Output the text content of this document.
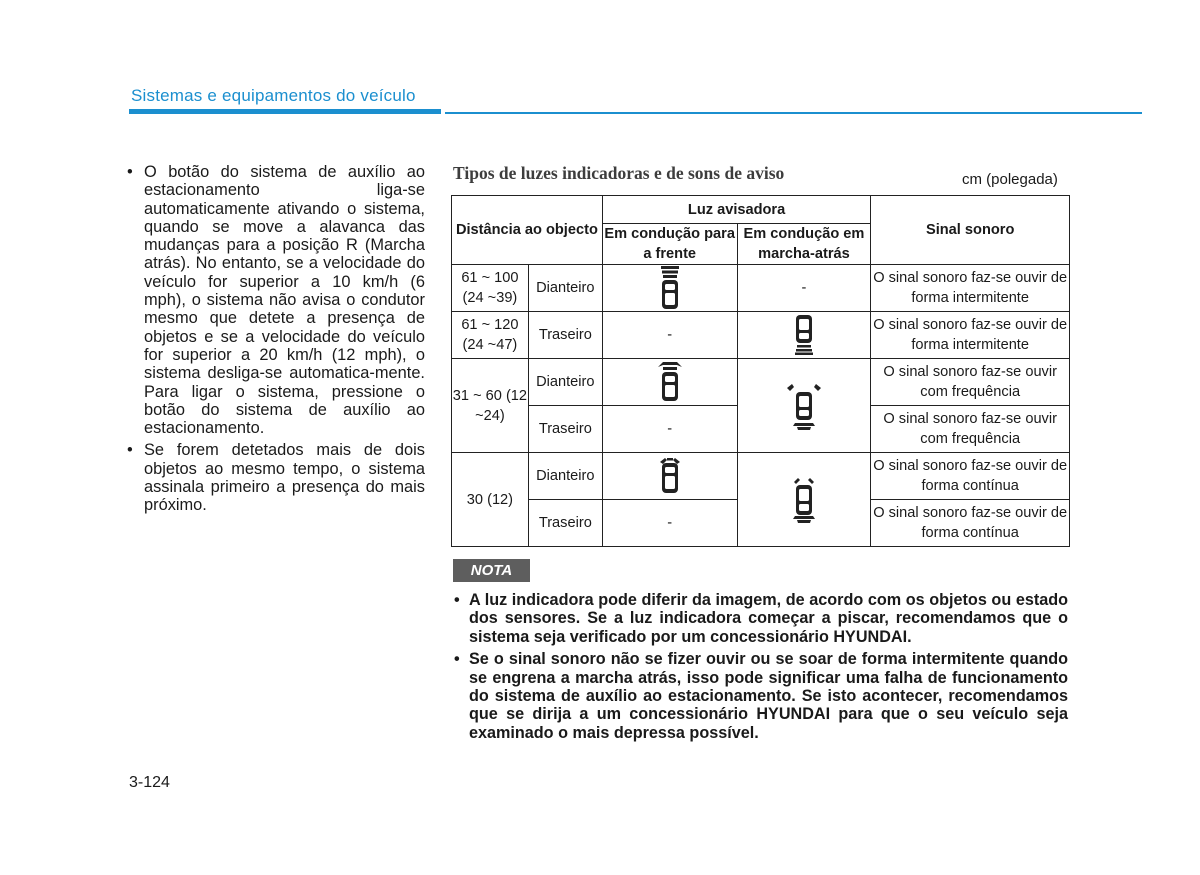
Sistemas e equipamentos do veículo
• O botão do sistema de auxílio ao estacionamento liga-se automaticamente ativando o sistema, quando se move a alavanca das mudanças para a posição R (Marcha atrás). No entanto, se a velocidade do veículo for superior a 10 km/h (6 mph), o sistema não avisa o condutor mesmo que detete a presença de objetos e se a velocidade do veículo for superior a 20 km/h (12 mph), o sistema desliga-se automatica-mente. Para ligar o sistema, pressione o botão do sistema de auxílio ao estacionamento.
• Se forem detetados mais de dois objetos ao mesmo tempo, o sistema assinala primeiro a presença do mais próximo.
Tipos de luzes indicadoras e de sons de aviso	cm (polegada)
Distância ao objecto		Luz avisadora		Sinal sonoro
		Em condução para a frente	Em condução em marcha-atrás	
61 ~ 100 (24 ~39)	Dianteiro		-	O sinal sonoro faz-se ouvir de forma intermitente
61 ~ 120 (24 ~47)	Traseiro	-		O sinal sonoro faz-se ouvir de forma intermitente
31 ~ 60 (12 ~24)	Dianteiro			O sinal sonoro faz-se ouvir com frequência
	Traseiro	-		O sinal sonoro faz-se ouvir com frequência
30 (12)	Dianteiro			O sinal sonoro faz-se ouvir de forma contínua
	Traseiro	-		O sinal sonoro faz-se ouvir de forma contínua
NOTA
• A luz indicadora pode diferir da imagem, de acordo com os objetos ou estado dos sensores. Se a luz indicadora começar a piscar, recomendamos que o sistema seja verificado por um concessionário HYUNDAI.
• Se o sinal sonoro não se fizer ouvir ou se soar de forma intermitente quando se engrena a marcha atrás, isso pode significar uma falha de funcionamento do sistema de auxílio ao estacionamento. Se isto acontecer, recomendamos que se dirija a um concessionário HYUNDAI para que o seu veículo seja examinado o mais depressa possível.
3-124
